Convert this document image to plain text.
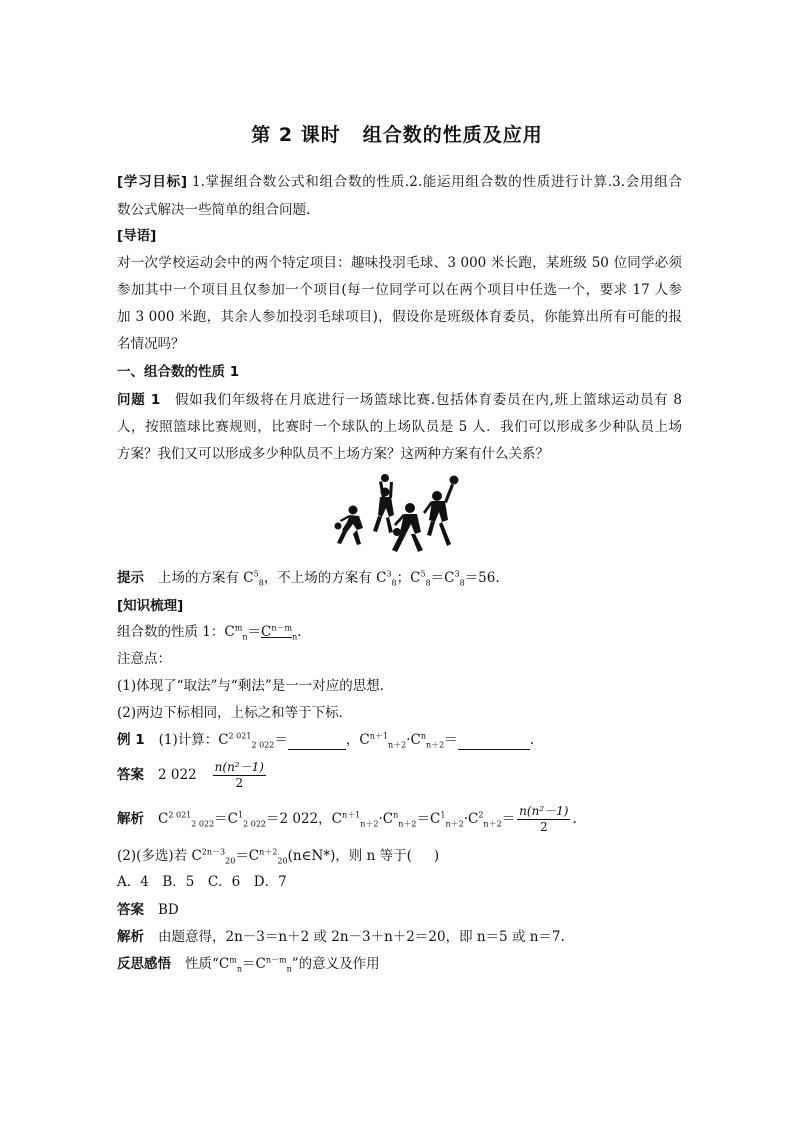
第 2 课时 组合数的性质及应用
[学习目标] 1.掌握组合数公式和组合数的性质.2.能运用组合数的性质进行计算.3.会用组合
数公式解决一些简单的组合问题.
[导语]
对一次学校运动会中的两个特定项目：趣味投羽毛球、3 000 米长跑，某班级 50 位同学必须
参加其中一个项目且仅参加一个项目(每一位同学可以在两个项目中任选一个，要求 17 人参
加 3 000 米跑，其余人参加投羽毛球项目)，假设你是班级体育委员，你能算出所有可能的报
名情况吗？
一、组合数的性质 1
问题 1 假如我们年级将在月底进行一场篮球比赛.包括体育委员在内,班上篮球运动员有 8
人，按照篮球比赛规则，比赛时一个球队的上场队员是 5 人．我们可以形成多少种队员上场
方案？我们又可以形成多少种队员不上场方案？这两种方案有什么关系？
提示 上场的方案有 $C^5_8$，不上场的方案有 $C^3_8$；$C^5_8=C^3_8=56$.
[知识梳理]
组合数的性质 1：$C^m_n=C^{n-m}_n$.
注意点：
(1)体现了“取法”与“剩法”是一一对应的思想．
(2)两边下标相同，上标之和等于下标．
例 1 (1)计算：$C^{2 021}_{2 022}=$	，$C^{n+1}_{n+2}\cdot C^n_{n+2}=$	.
答案 2 $022 \frac{\text{n(n²－1)}}{2}$
解析 $C^{2 021}_{2 022}=C^1_{2 022}=2$ 022，$C^{n+1}_{n+2}\cdot C^n_{n+2}=C^1_{n+2}\cdot C^2_{n+2}= \frac{\text{n(n²－1)}}{2}$ .
(2)(多选)若 $C^{2n-3}_{20}=C^{n+2}_{20}(n\in N*)$，则 n 等于( )
A．4　B．5　C．6　D．7
答案 BD
解析 由题意得，2n－3＝n＋2 或 2n－3＋n＋2＝20，即 n＝5 或 n＝7.
反思感悟 性质“$C^m_n=C^{n-m}_n$”的意义及作用
